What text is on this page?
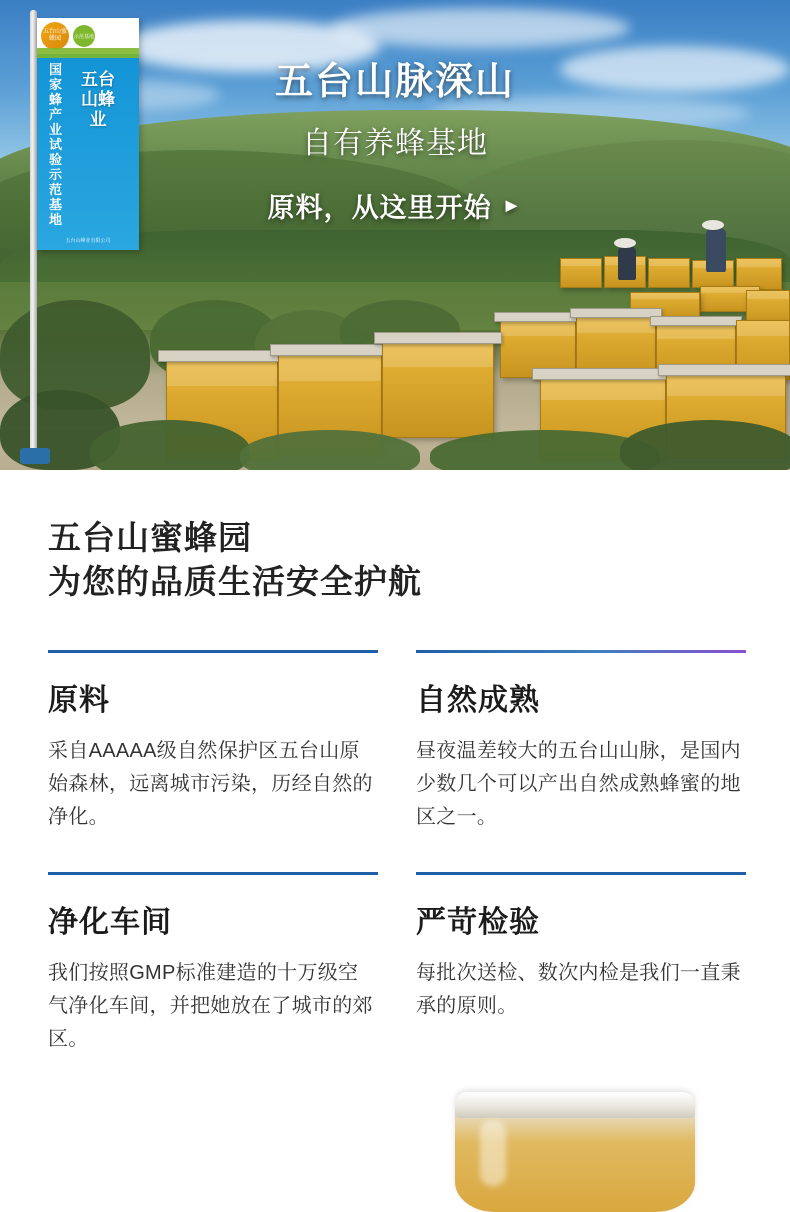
五台山蜜蜂园	示范基地
国家蜂产业试验示范基地
五台山蜂业
五台山峰业有限公司
五台山脉深山
自有养蜂基地
原料，从这里开始 ►
五台山蜜蜂园
为您的品质生活安全护航
原料
采自AAAAA级自然保护区五台山原始森林，远离城市污染，历经自然的净化。
自然成熟
昼夜温差较大的五台山山脉，是国内少数几个可以产出自然成熟蜂蜜的地区之一。
净化车间
我们按照GMP标准建造的十万级空气净化车间，并把她放在了城市的郊区。
严苛检验
每批次送检、数次内检是我们一直秉承的原则。
